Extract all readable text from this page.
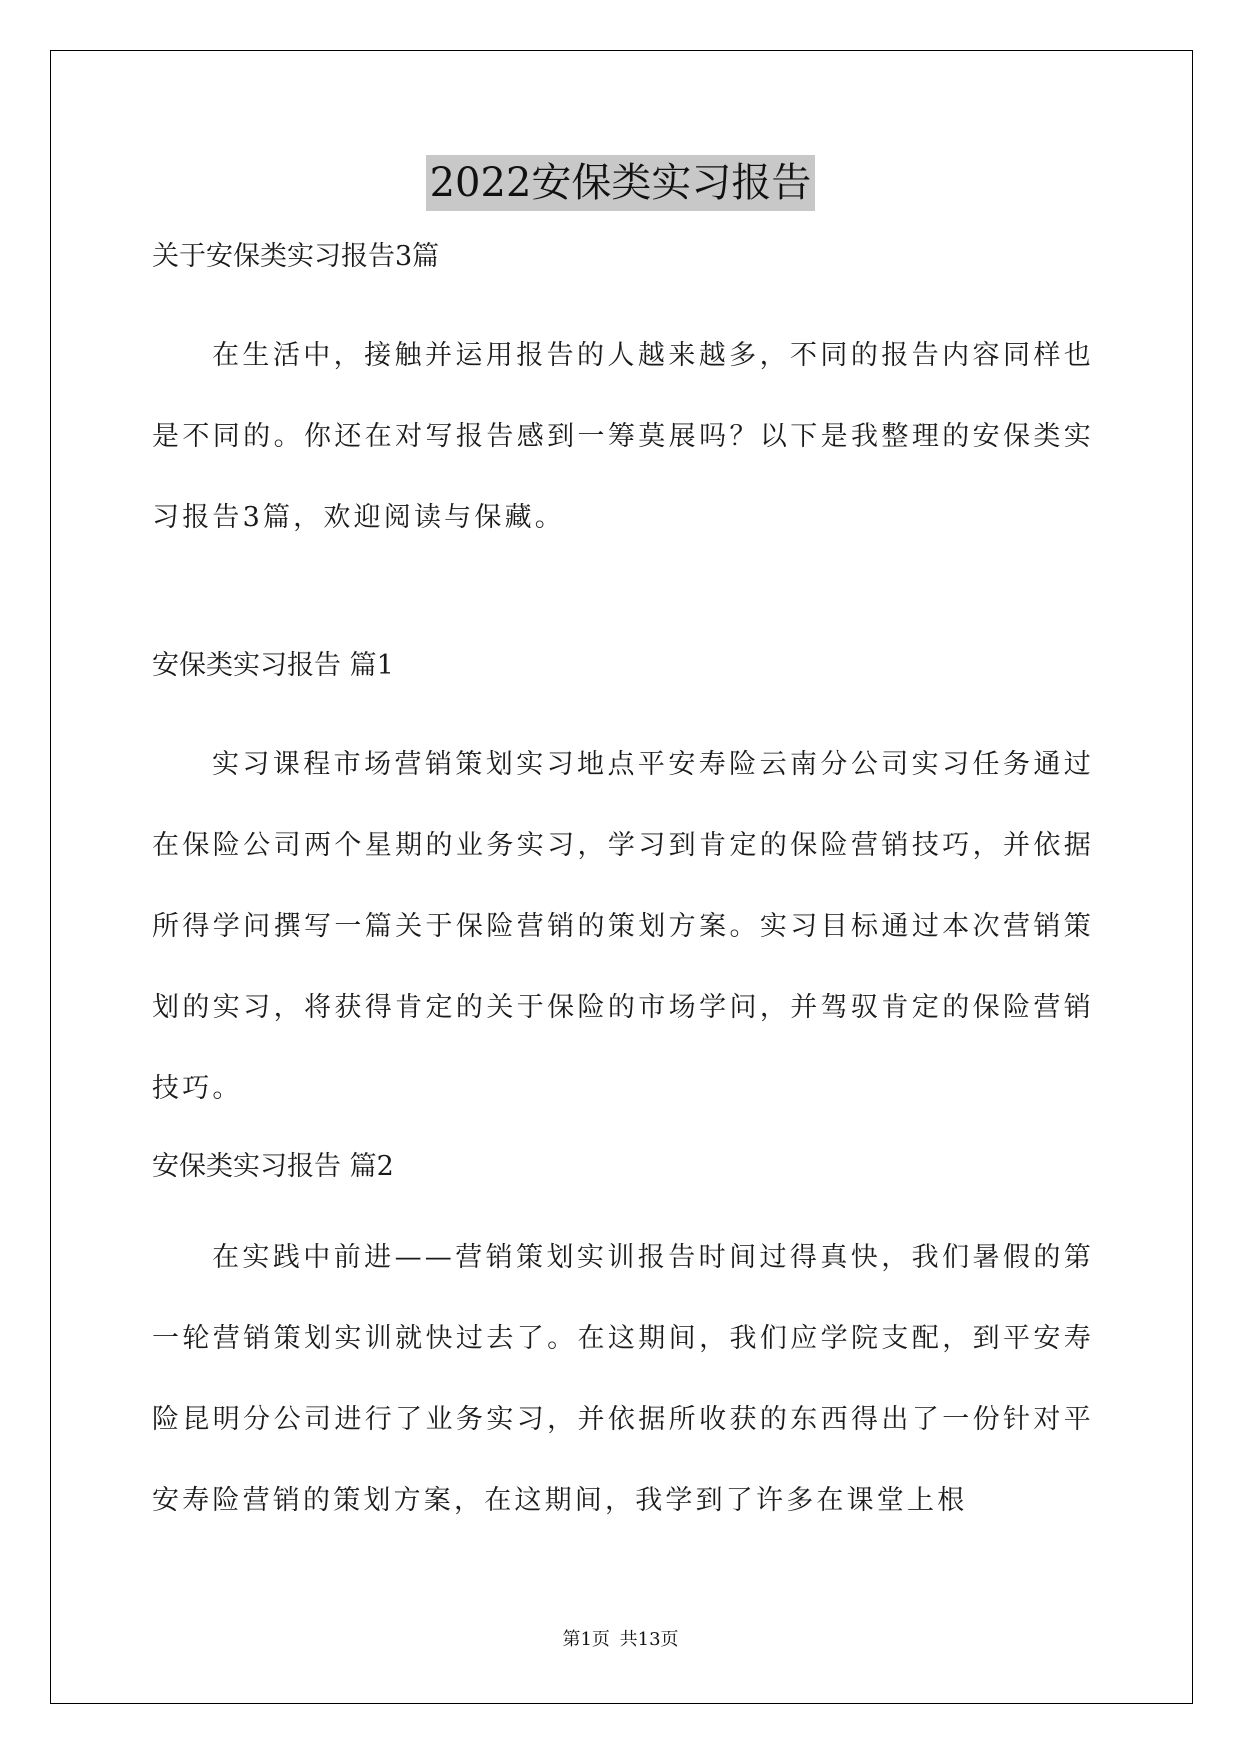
2022安保类实习报告

关于安保类实习报告3篇

在生活中，接触并运用报告的人越来越多，不同的报告内容同样也是不同的。你还在对写报告感到一筹莫展吗？以下是我整理的安保类实习报告3篇，欢迎阅读与保藏。

安保类实习报告 篇1

实习课程市场营销策划实习地点平安寿险云南分公司实习任务通过在保险公司两个星期的业务实习，学习到肯定的保险营销技巧，并依据所得学问撰写一篇关于保险营销的策划方案。实习目标通过本次营销策划的实习，将获得肯定的关于保险的市场学问，并驾驭肯定的保险营销技巧。

安保类实习报告 篇2

在实践中前进——营销策划实训报告时间过得真快，我们暑假的第一轮营销策划实训就快过去了。在这期间，我们应学院支配，到平安寿险昆明分公司进行了业务实习，并依据所收获的东西得出了一份针对平安寿险营销的策划方案，在这期间，我学到了许多在课堂上根

第1页 共13页
